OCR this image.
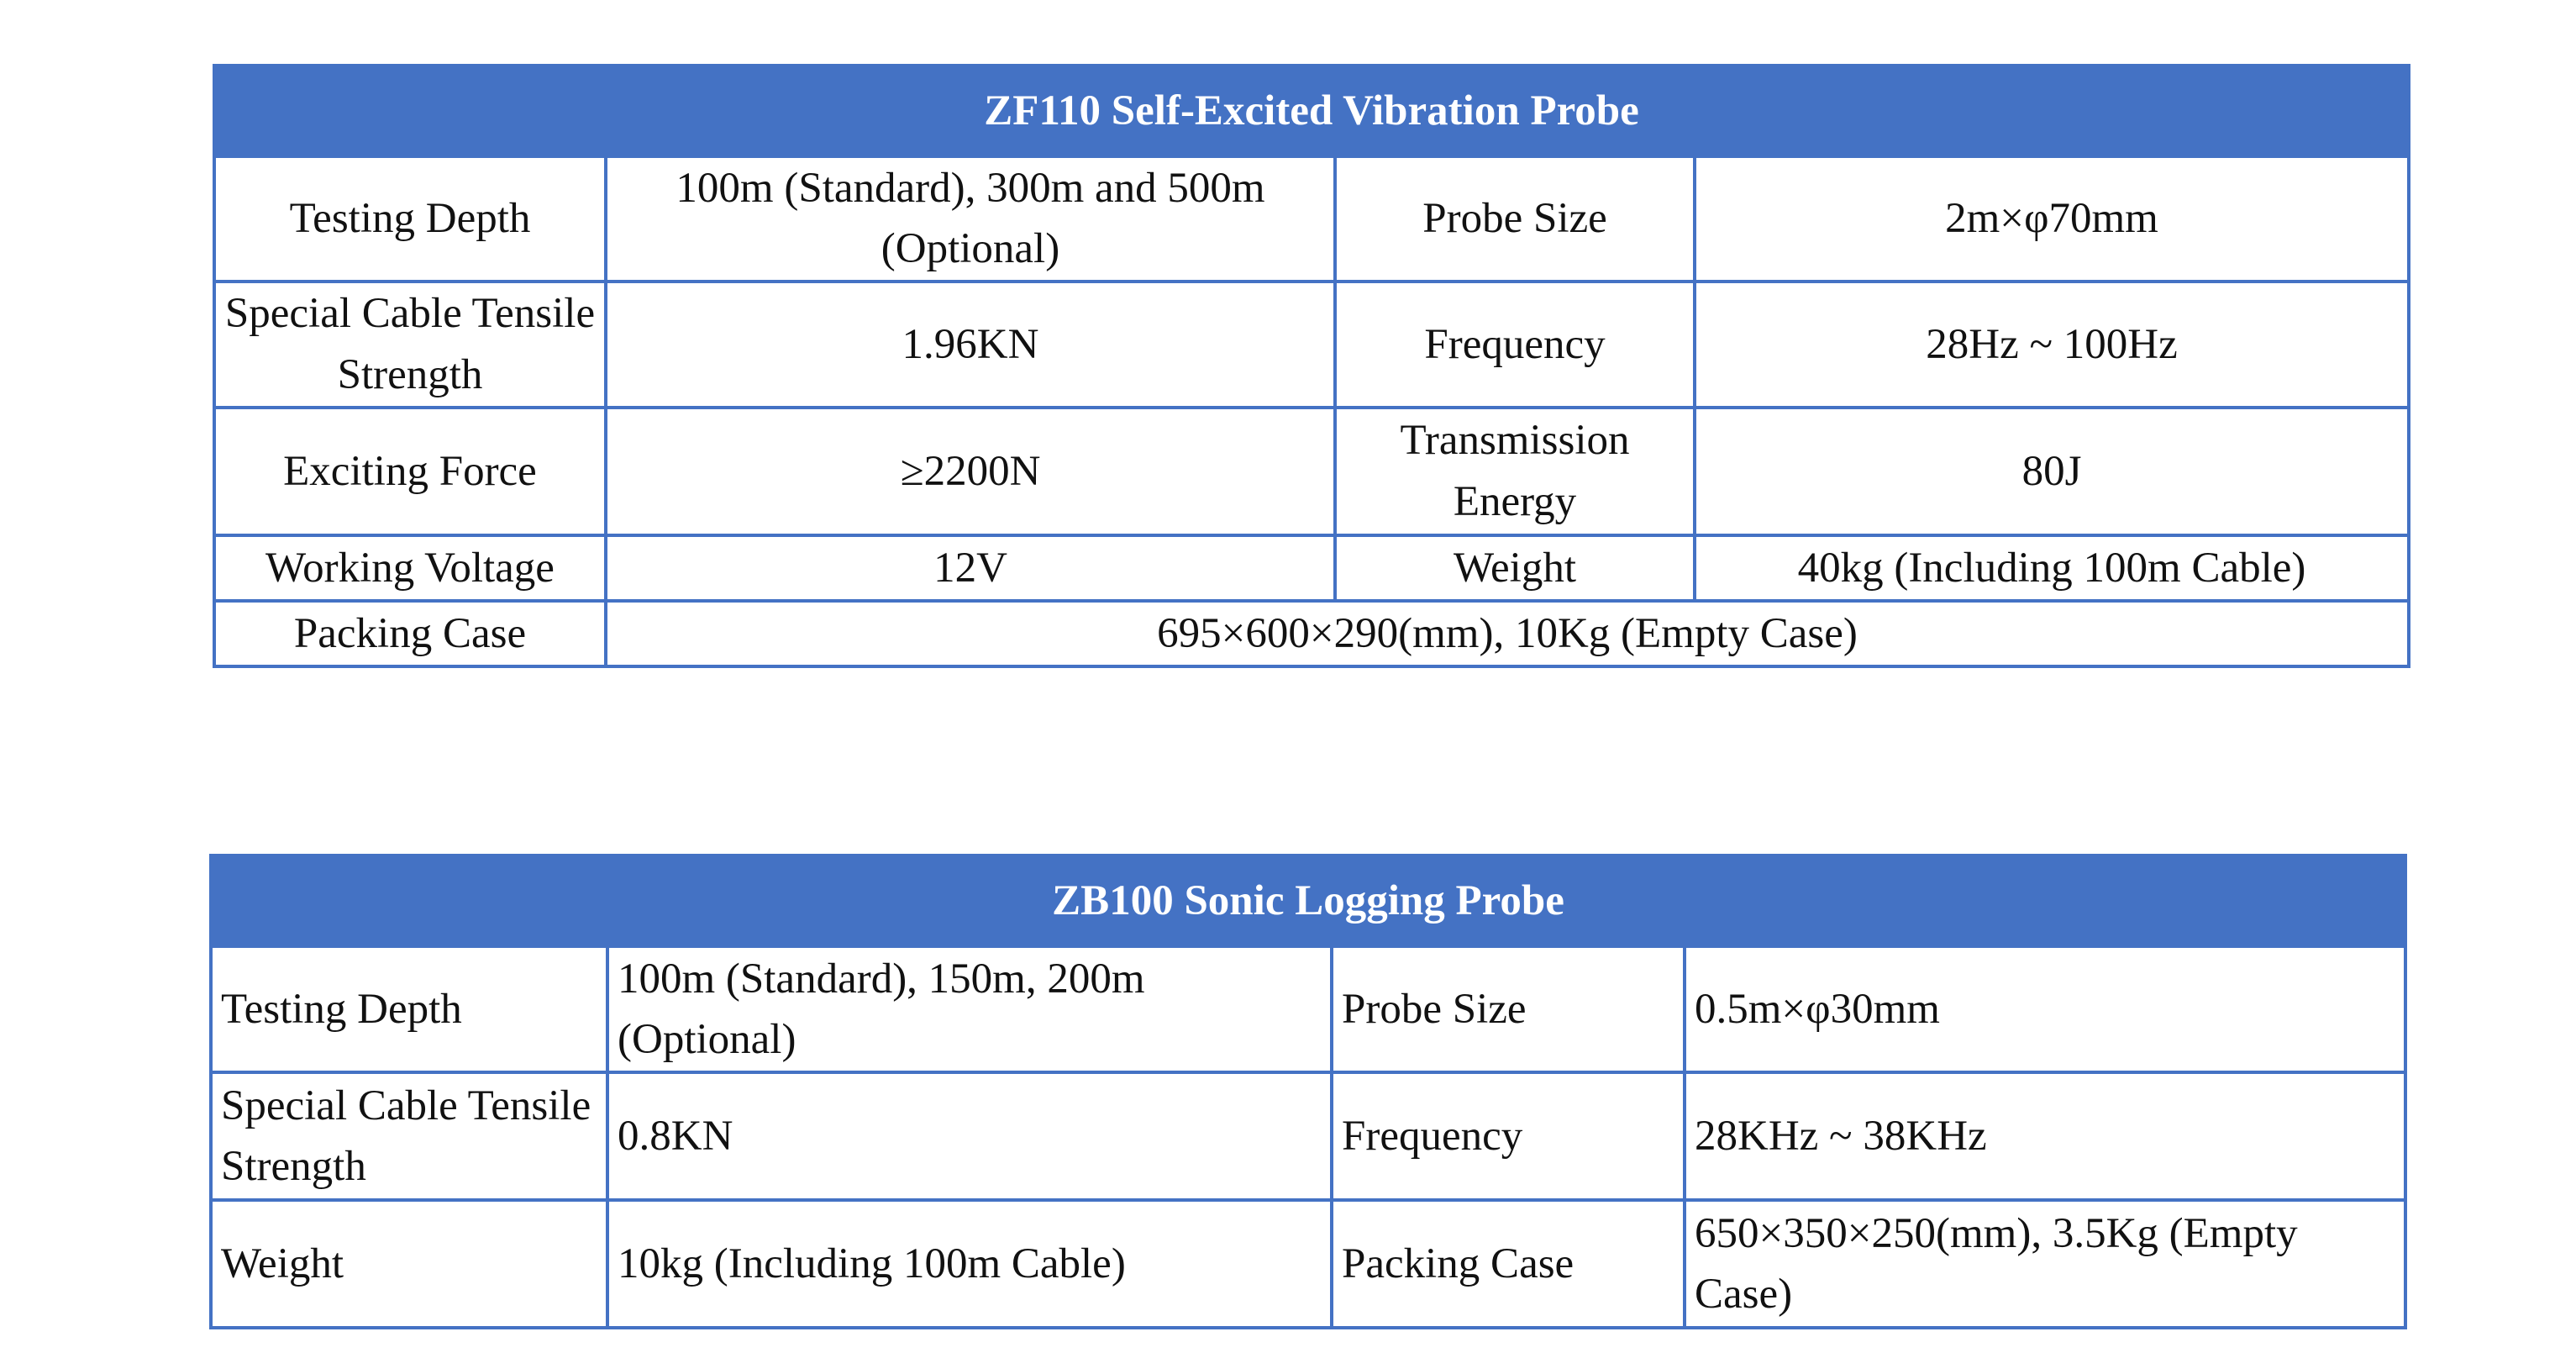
ZF110 Self-Excited Vibration Probe			
Testing Depth	100m (Standard), 300m and 500m (Optional)	Probe Size	2m×φ70mm
Special Cable Tensile Strength	1.96KN	Frequency	28Hz ~ 100Hz
Exciting Force	≥2200N	Transmission Energy	80J
Working Voltage	12V	Weight	40kg (Including 100m Cable)
Packing Case	695×600×290(mm), 10Kg (Empty Case)		
ZB100 Sonic Logging Probe			
Testing Depth	100m (Standard), 150m, 200m (Optional)	Probe Size	0.5m×φ30mm
Special Cable Tensile Strength	0.8KN	Frequency	28KHz ~ 38KHz
Weight	10kg (Including 100m Cable)	Packing Case	650×350×250(mm), 3.5Kg (Empty Case)
